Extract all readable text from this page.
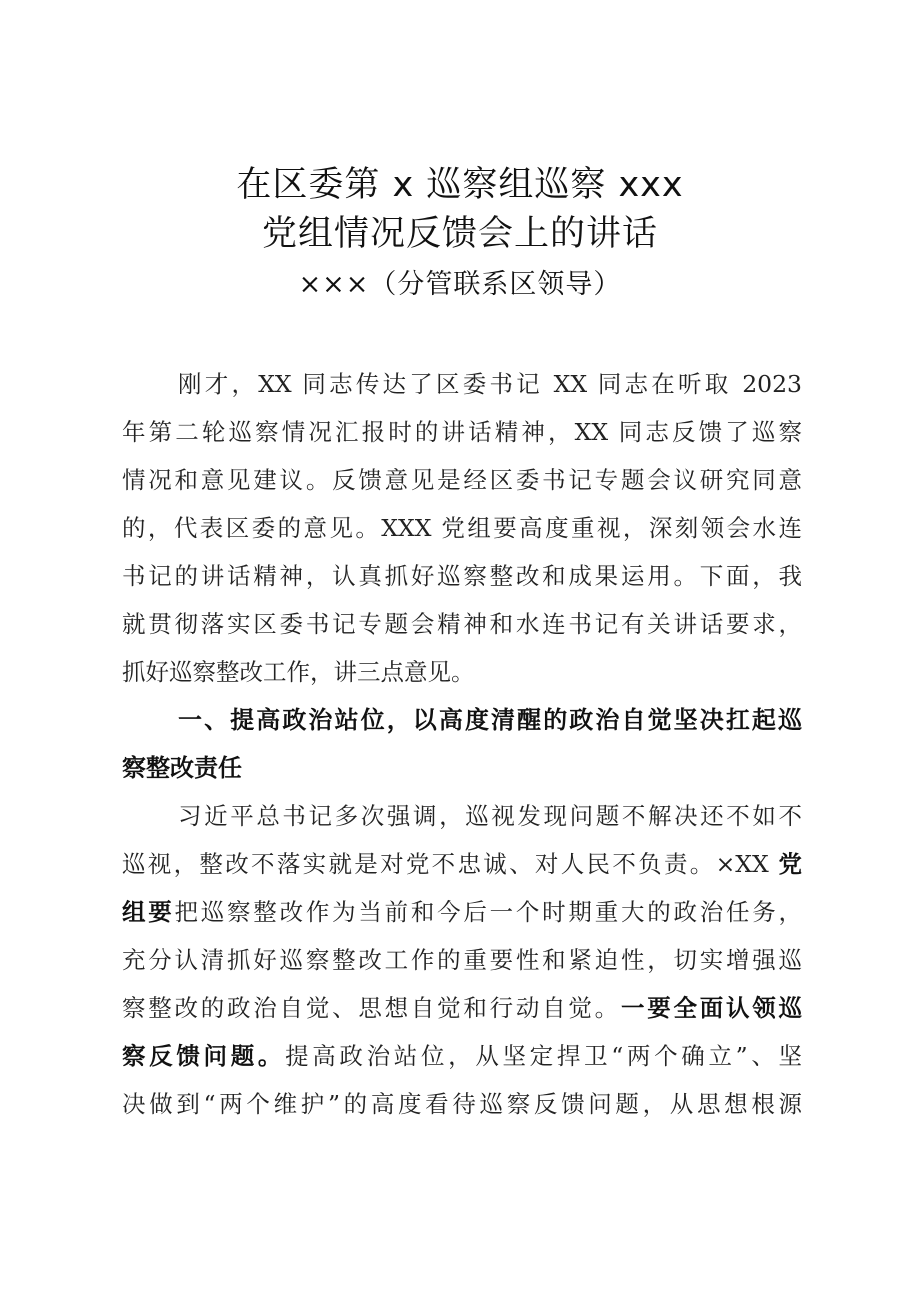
在区委第 x 巡察组巡察 xxx
党组情况反馈会上的讲话
×××（分管联系区领导）
刚才，XX 同志传达了区委书记 XX 同志在听取 2023
年第二轮巡察情况汇报时的讲话精神，XX 同志反馈了巡察
情况和意见建议。反馈意见是经区委书记专题会议研究同意
的，代表区委的意见。XXX 党组要高度重视，深刻领会水连
书记的讲话精神，认真抓好巡察整改和成果运用。下面，我
就贯彻落实区委书记专题会精神和水连书记有关讲话要求，
抓好巡察整改工作，讲三点意见。
一、提高政治站位，以高度清醒的政治自觉坚决扛起巡
察整改责任
习近平总书记多次强调，巡视发现问题不解决还不如不
巡视，整改不落实就是对党不忠诚、对人民不负责。×XX 党
组要把巡察整改作为当前和今后一个时期重大的政治任务，
充分认清抓好巡察整改工作的重要性和紧迫性，切实增强巡
察整改的政治自觉、思想自觉和行动自觉。一要全面认领巡
察反馈问题。提高政治站位，从坚定捍卫“两个确立”、坚
决做到“两个维护”的高度看待巡察反馈问题，从思想根源
